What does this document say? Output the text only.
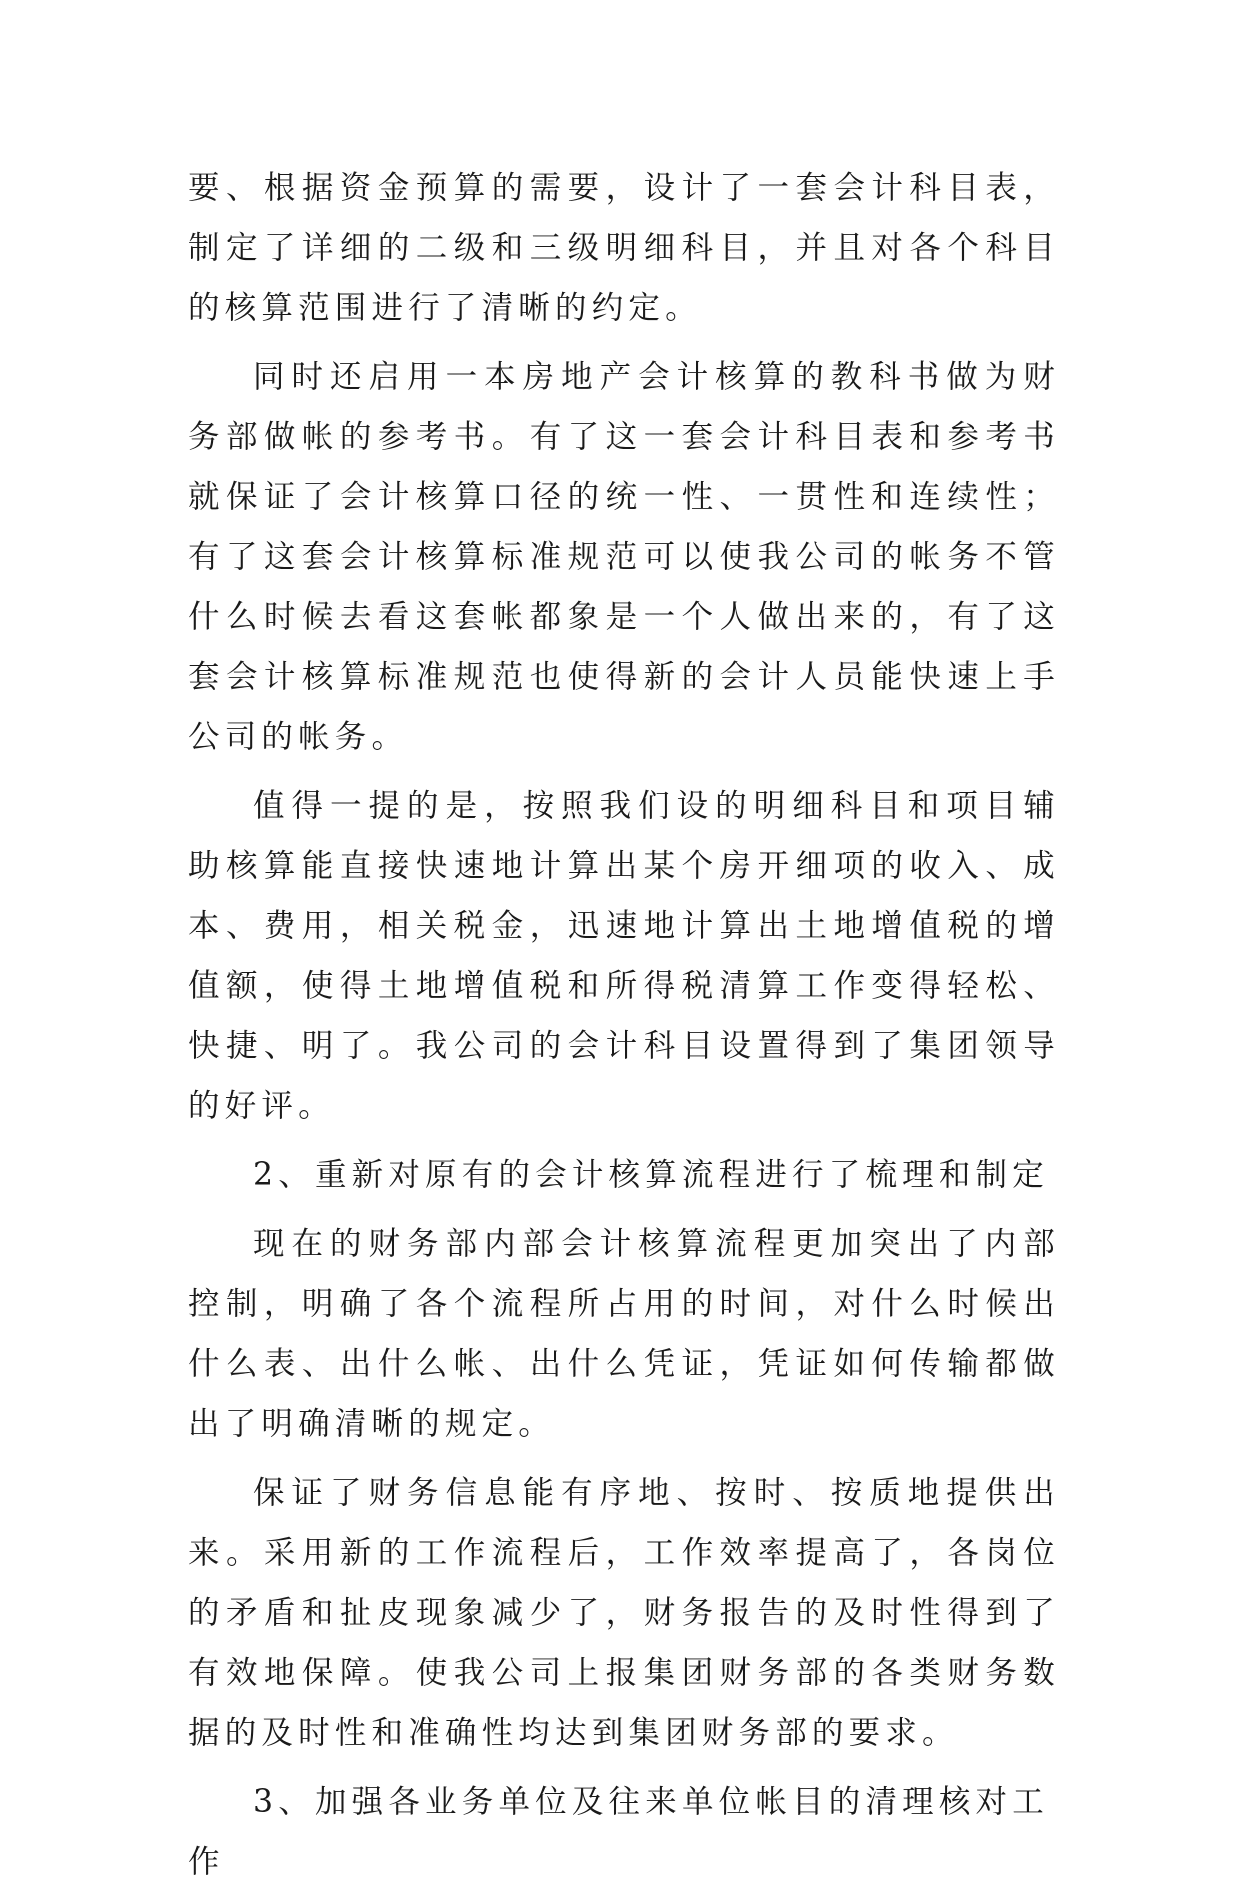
要、根据资金预算的需要，设计了一套会计科目表，制定了详细的二级和三级明细科目，并且对各个科目的核算范围进行了清晰的约定。

同时还启用一本房地产会计核算的教科书做为财务部做帐的参考书。有了这一套会计科目表和参考书就保证了会计核算口径的统一性、一贯性和连续性；有了这套会计核算标准规范可以使我公司的帐务不管什么时候去看这套帐都象是一个人做出来的，有了这套会计核算标准规范也使得新的会计人员能快速上手公司的帐务。

值得一提的是，按照我们设的明细科目和项目辅助核算能直接快速地计算出某个房开细项的收入、成本、费用，相关税金，迅速地计算出土地增值税的增值额，使得土地增值税和所得税清算工作变得轻松、快捷、明了。我公司的会计科目设置得到了集团领导的好评。

2、重新对原有的会计核算流程进行了梳理和制定

现在的财务部内部会计核算流程更加突出了内部控制，明确了各个流程所占用的时间，对什么时候出什么表、出什么帐、出什么凭证，凭证如何传输都做出了明确清晰的规定。

保证了财务信息能有序地、按时、按质地提供出来。采用新的工作流程后，工作效率提高了，各岗位的矛盾和扯皮现象减少了，财务报告的及时性得到了有效地保障。使我公司上报集团财务部的各类财务数据的及时性和准确性均达到集团财务部的要求。

3、加强各业务单位及往来单位帐目的清理核对工作
